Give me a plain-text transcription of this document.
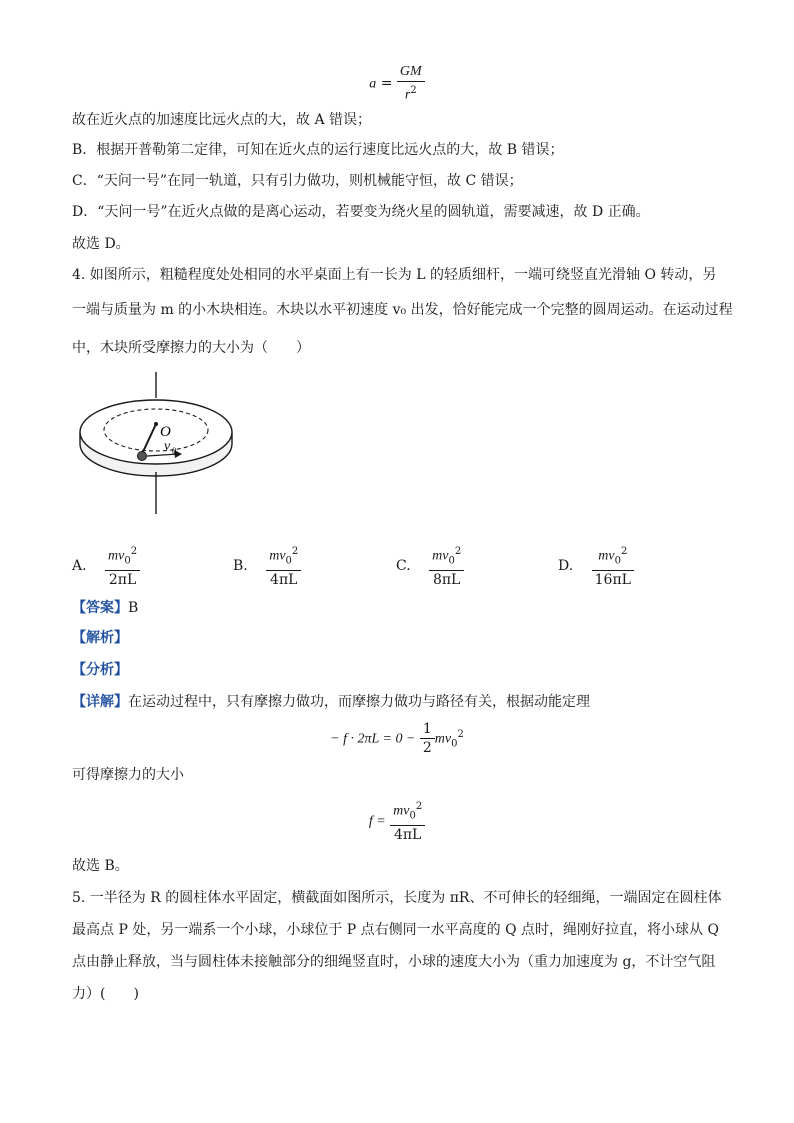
$a = \frac{GM}{r^2}$
故在近火点的加速度比远火点的大，故 A 错误；
B．根据开普勒第二定律，可知在近火点的运行速度比远火点的大，故 B 错误；
C．“天问一号”在同一轨道，只有引力做功，则机械能守恒，故 C 错误；
D．“天问一号”在近火点做的是离心运动，若要变为绕火星的圆轨道，需要减速，故 D 正确。
故选 D。
4. 如图所示，粗糙程度处处相同的水平桌面上有一长为 L 的轻质细杆，一端可绕竖直光滑轴 O 转动，另
一端与质量为 m 的小木块相连。木块以水平初速度 v₀ 出发，恰好能完成一个完整的圆周运动。在运动过程
中，木块所受摩擦力的大小为（　　）
O
v 0
A. $\frac{mv_0^2}{2\pi L}$	B. $\frac{mv_0^2}{4\pi L}$	C. $\frac{mv_0^2}{8\pi L}$	D. $\frac{mv_0^2}{16\pi L}$
【答案】B
【解析】
【分析】
【详解】在运动过程中，只有摩擦力做功，而摩擦力做功与路径有关，根据动能定理
− $f \cdot 2\pi L = 0 - \frac{1}{2} mv_0^2$
可得摩擦力的大小
$f = \frac{mv_0^2}{4\pi L}$
故选 B。
5. 一半径为 R 的圆柱体水平固定，横截面如图所示，长度为 πR、不可伸长的轻细绳，一端固定在圆柱体
最高点 P 处，另一端系一个小球，小球位于 P 点右侧同一水平高度的 Q 点时，绳刚好拉直，将小球从 Q
点由静止释放，当与圆柱体未接触部分的细绳竖直时，小球的速度大小为（重力加速度为 g，不计空气阻
力）(　　)
